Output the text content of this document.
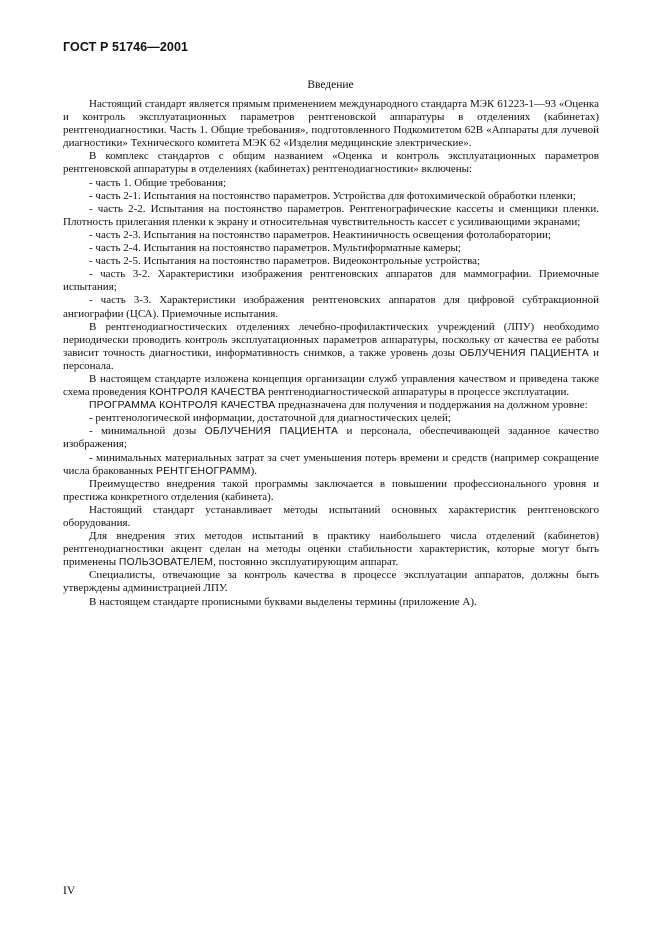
ГОСТ Р 51746—2001
Введение

Настоящий стандарт является прямым применением международного стандарта МЭК 61223-1—93 «Оценка и контроль эксплуатационных параметров рентгеновской аппаратуры в отделениях (кабинетах) рентгенодиагностики. Часть 1. Общие требования», подготовленного Подкомитетом 62В «Аппараты для лучевой диагностики» Технического комитета МЭК 62 «Изделия медицинские электрические».

В комплекс стандартов с общим названием «Оценка и контроль эксплуатационных параметров рентгеновской аппаратуры в отделениях (кабинетах) рентгенодиагностики» включены:

- часть 1. Общие требования;

- часть 2-1. Испытания на постоянство параметров. Устройства для фотохимической обработки пленки;

- часть 2-2. Испытания на постоянство параметров. Рентгенографические кассеты и сменщики пленки. Плотность прилегания пленки к экрану и относительная чувствительность кассет с усиливающими экранами;

- часть 2-3. Испытания на постоянство параметров. Неактиничность освещения фотолаборатории;

- часть 2-4. Испытания на постоянство параметров. Мультиформатные камеры;

- часть 2-5. Испытания на постоянство параметров. Видеоконтрольные устройства;

- часть 3-2. Характеристики изображения рентгеновских аппаратов для маммографии. Приемочные испытания;

- часть 3-3. Характеристики изображения рентгеновских аппаратов для цифровой субтракционной ангиографии (ЦСА). Приемочные испытания.

В рентгенодиагностических отделениях лечебно-профилактических учреждений (ЛПУ) необходимо периодически проводить контроль эксплуатационных параметров аппаратуры, поскольку от качества ее работы зависит точность диагностики, информативность снимков, а также уровень дозы ОБЛУЧЕНИЯ ПАЦИЕНТА и персонала.

В настоящем стандарте изложена концепция организации служб управления качеством и приведена также схема проведения КОНТРОЛЯ КАЧЕСТВА рентгенодиагностической аппаратуры в процессе эксплуатации.

ПРОГРАММА КОНТРОЛЯ КАЧЕСТВА предназначена для получения и поддержания на должном уровне:

- рентгенологической информации, достаточной для диагностических целей;

- минимальной дозы ОБЛУЧЕНИЯ ПАЦИЕНТА и персонала, обеспечивающей заданное качество изображения;

- минимальных материальных затрат за счет уменьшения потерь времени и средств (например сокращение числа бракованных РЕНТГЕНОГРАММ).

Преимущество внедрения такой программы заключается в повышении профессионального уровня и престижа конкретного отделения (кабинета).

Настоящий стандарт устанавливает методы испытаний основных характеристик рентгеновского оборудования.

Для внедрения этих методов испытаний в практику наибольшего числа отделений (кабинетов) рентгенодиагностики акцент сделан на методы оценки стабильности характеристик, которые могут быть применены ПОЛЬЗОВАТЕЛЕМ, постоянно эксплуатирующим аппарат.

Специалисты, отвечающие за контроль качества в процессе эксплуатации аппаратов, должны быть утверждены администрацией ЛПУ.

В настоящем стандарте прописными буквами выделены термины (приложение А).

IV
